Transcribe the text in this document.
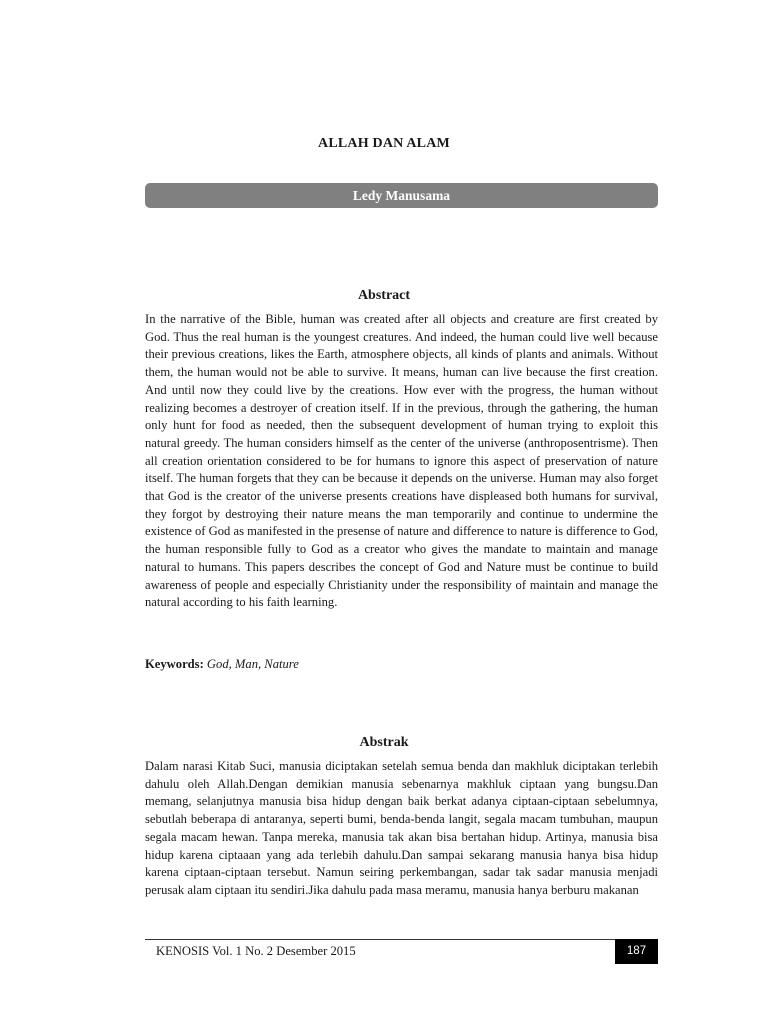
ALLAH DAN ALAM
Ledy Manusama
Abstract

In the narrative of the Bible, human was created after all objects and creature are first created by God. Thus the real human is the youngest creatures. And indeed, the human could live well because their previous creations, likes the Earth, atmosphere objects, all kinds of plants and animals. Without them, the human would not be able to survive. It means, human can live because the first creation. And until now they could live by the creations. How ever with the progress, the human without realizing becomes a destroyer of creation itself. If in the previous, through the gathering, the human only hunt for food as needed, then the subsequent development of human trying to exploit this natural greedy. The human considers himself as the center of the universe (anthroposentrisme). Then all creation orientation considered to be for humans to ignore this aspect of preservation of nature itself. The human forgets that they can be because it depends on the universe. Human may also forget that God is the creator of the universe presents creations have displeased both humans for survival, they forgot by destroying their nature means the man temporarily and continue to undermine the existence of God as manifested in the presense of nature and difference to nature is difference to God, the human responsible fully to God as a creator who gives the mandate to maintain and manage natural to humans. This papers describes the concept of God and Nature must be continue to build awareness of people and especially Christianity under the responsibility of maintain and manage the natural according to his faith learning.

Keywords: God, Man, Nature
Abstrak

Dalam narasi Kitab Suci, manusia diciptakan setelah semua benda dan makhluk diciptakan terlebih dahulu oleh Allah.Dengan demikian manusia sebenarnya makhluk ciptaan yang bungsu.Dan memang, selanjutnya manusia bisa hidup dengan baik berkat adanya ciptaan-ciptaan sebelumnya, sebutlah beberapa di antaranya, seperti bumi, benda-benda langit, segala macam tumbuhan, maupun segala macam hewan. Tanpa mereka, manusia tak akan bisa bertahan hidup. Artinya, manusia bisa hidup karena ciptaaan yang ada terlebih dahulu.Dan sampai sekarang manusia hanya bisa hidup karena ciptaan-ciptaan tersebut. Namun seiring perkembangan, sadar tak sadar manusia menjadi perusak alam ciptaan itu sendiri.Jika dahulu pada masa meramu, manusia hanya berburu makanan

KENOSIS Vol. 1 No. 2 Desember 2015	187
